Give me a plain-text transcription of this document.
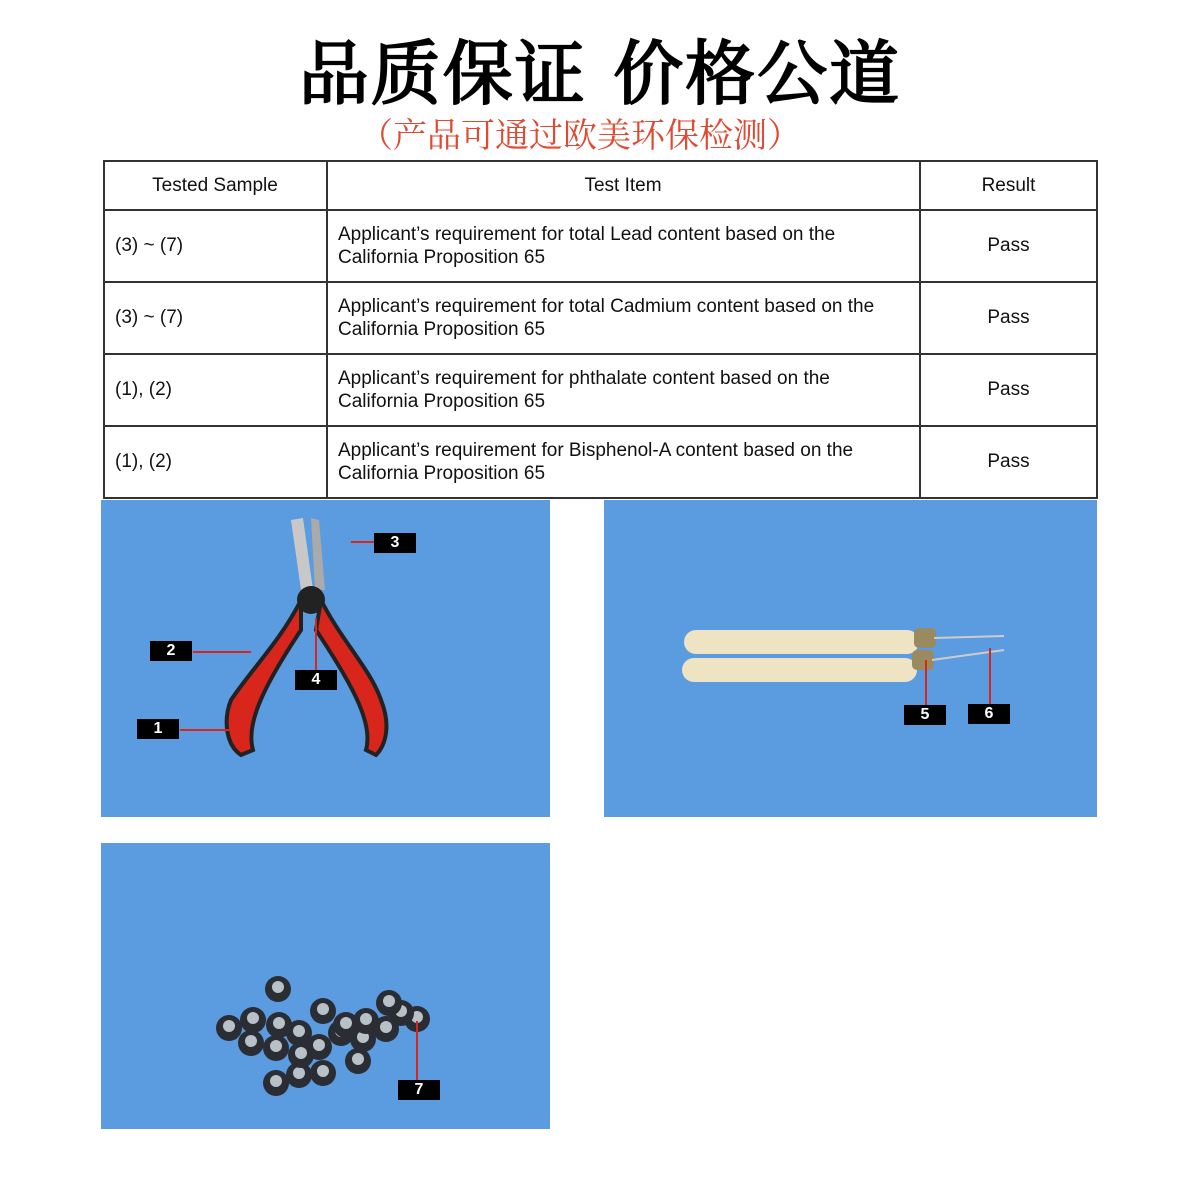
品质保证 价格公道
（产品可通过欧美环保检测）
Tested Sample	Test Item	Result
(3) ~ (7)	Applicant’s requirement for total Lead content based on the
California Proposition 65	Pass
(3) ~ (7)	Applicant’s requirement for total Cadmium content based on the
California Proposition 65	Pass
(1), (2)	Applicant’s requirement for phthalate content based on the
California Proposition 65	Pass
(1), (2)	Applicant’s requirement for Bisphenol-A content based on the
California Proposition 65	Pass
3
2
4
1
5	6
7
